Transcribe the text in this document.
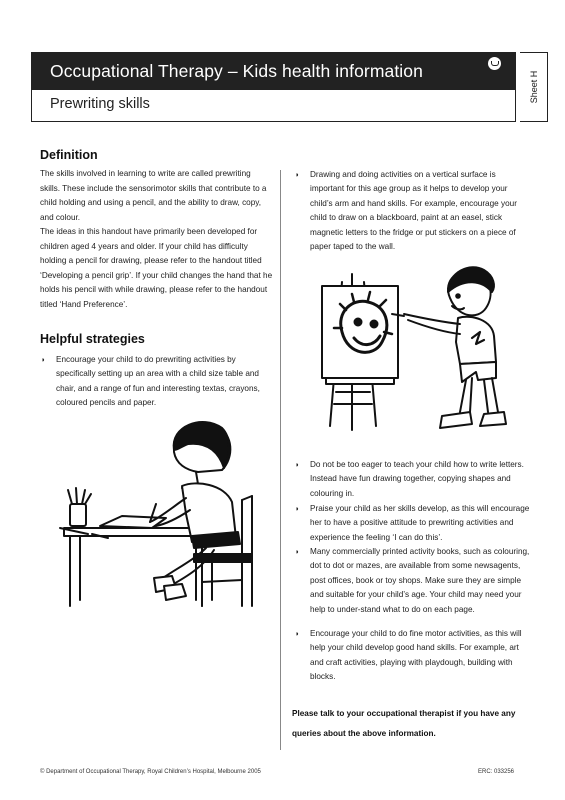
Occupational Therapy – Kids health information
Prewriting skills
Sheet H
Definition
The skills involved in learning to write are called prewriting skills. These include the sensorimotor skills that contribute to a child holding and using a pencil, and the ability to draw, copy, and colour.
The ideas in this handout have primarily been developed for children aged 4 years and older. If your child has difficulty holding a pencil for drawing, please refer to the handout titled ‘Developing a pencil grip’. If your child changes the hand that he holds his pencil with while drawing, please refer to the handout titled ‘Hand Preference’.
Helpful strategies
◗ Encourage your child to do prewriting activities by specifically setting up an area with a child size table and chair, and a range of fun and interesting textas, crayons, coloured pencils and paper.
◗ Drawing and doing activities on a vertical surface is important for this age group as it helps to develop your child’s arm and hand skills. For example, encourage your child to draw on a blackboard, paint at an easel, stick magnetic letters to the fridge or put stickers on a piece of paper taped to the wall.
◗ Do not be too eager to teach your child how to write letters. Instead have fun drawing together, copying shapes and colouring in.
◗ Praise your child as her skills develop, as this will encourage her to have a positive attitude to prewriting activities and experience the feeling ‘I can do this’.
◗ Many commercially printed activity books, such as colouring, dot to dot or mazes, are available from some newsagents, post offices, book or toy shops. Make sure they are simple and suitable for your child’s age. Your child may need your help to under-stand what to do on each page.
◗ Encourage your child to do fine motor activities, as this will help your child develop good hand skills. For example, art and craft activities, playing with playdough, building with blocks.
Please talk to your occupational therapist if you have any queries about the above information.
© Department of Occupational Therapy, Royal Children’s Hospital, Melbourne 2005	ERC: 033256
